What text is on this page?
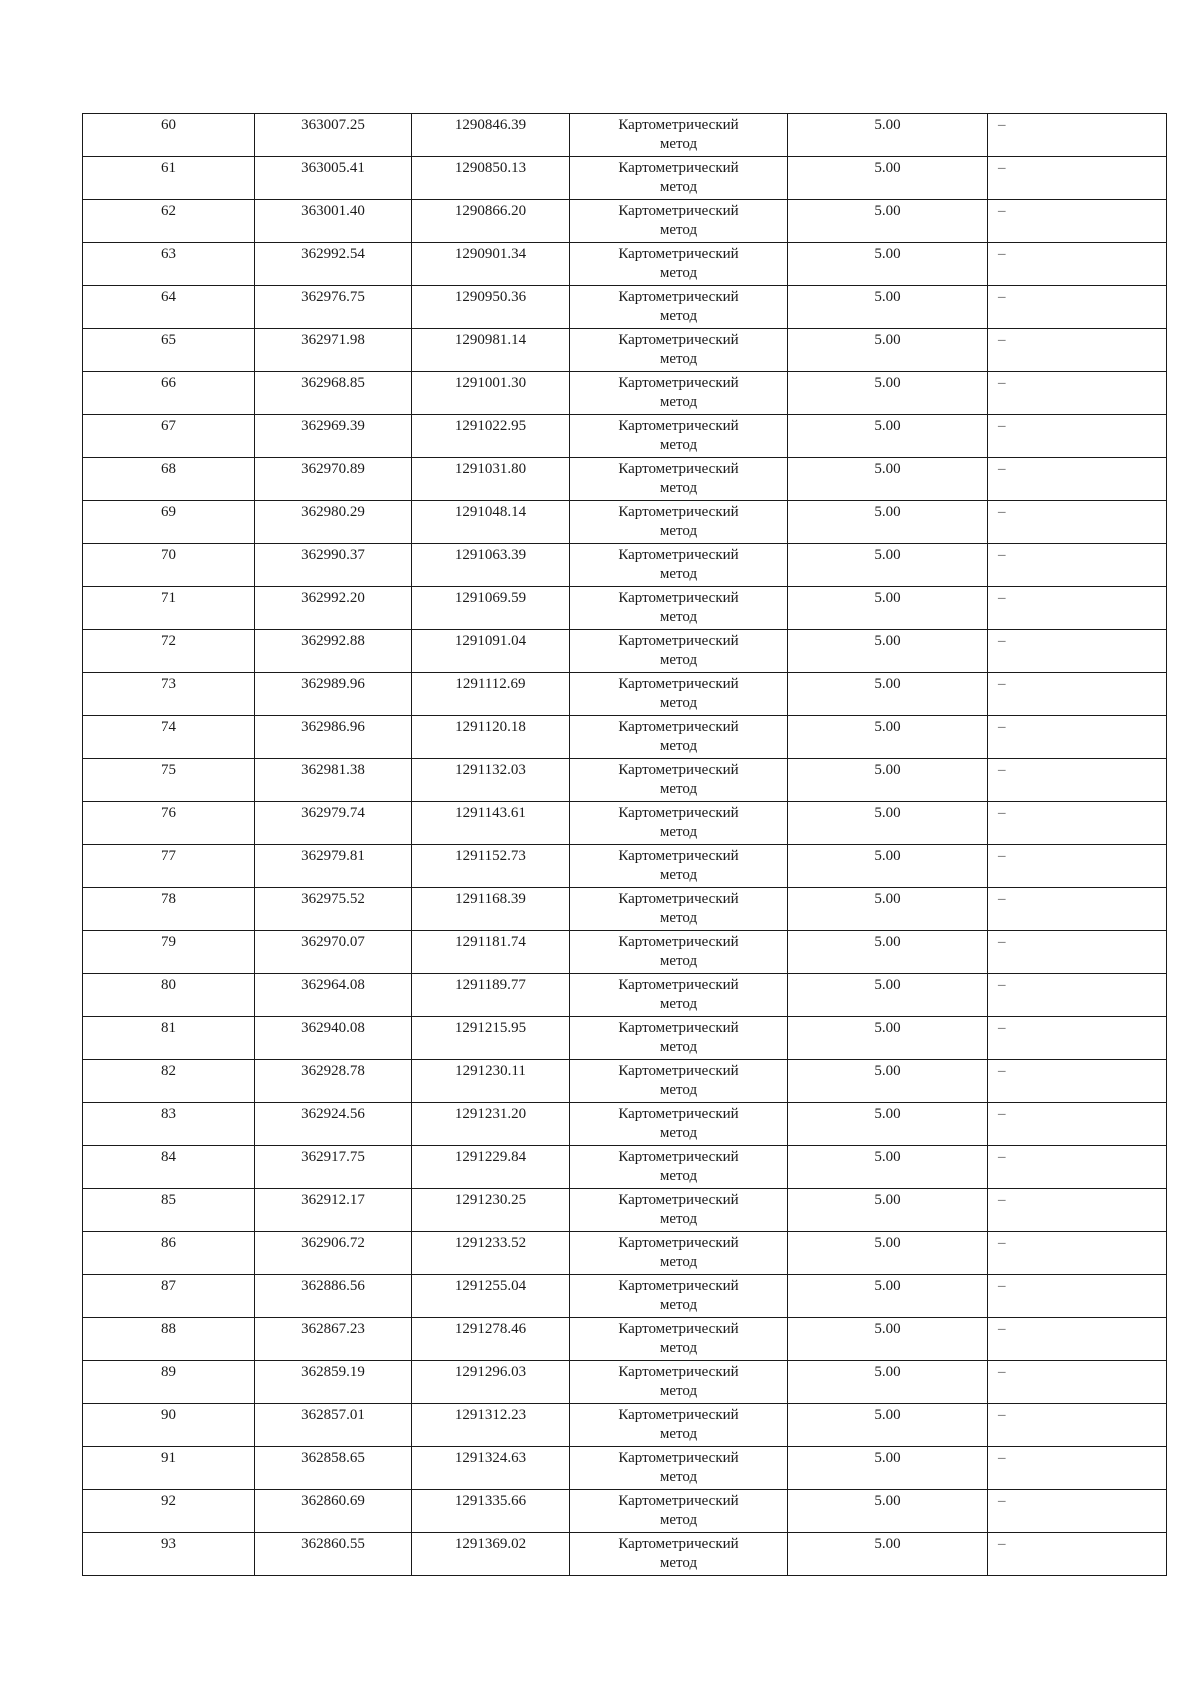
60	363007.25	1290846.39	Картометрический метод	5.00	–
61	363005.41	1290850.13	Картометрический метод	5.00	–
62	363001.40	1290866.20	Картометрический метод	5.00	–
63	362992.54	1290901.34	Картометрический метод	5.00	–
64	362976.75	1290950.36	Картометрический метод	5.00	–
65	362971.98	1290981.14	Картометрический метод	5.00	–
66	362968.85	1291001.30	Картометрический метод	5.00	–
67	362969.39	1291022.95	Картометрический метод	5.00	–
68	362970.89	1291031.80	Картометрический метод	5.00	–
69	362980.29	1291048.14	Картометрический метод	5.00	–
70	362990.37	1291063.39	Картометрический метод	5.00	–
71	362992.20	1291069.59	Картометрический метод	5.00	–
72	362992.88	1291091.04	Картометрический метод	5.00	–
73	362989.96	1291112.69	Картометрический метод	5.00	–
74	362986.96	1291120.18	Картометрический метод	5.00	–
75	362981.38	1291132.03	Картометрический метод	5.00	–
76	362979.74	1291143.61	Картометрический метод	5.00	–
77	362979.81	1291152.73	Картометрический метод	5.00	–
78	362975.52	1291168.39	Картометрический метод	5.00	–
79	362970.07	1291181.74	Картометрический метод	5.00	–
80	362964.08	1291189.77	Картометрический метод	5.00	–
81	362940.08	1291215.95	Картометрический метод	5.00	–
82	362928.78	1291230.11	Картометрический метод	5.00	–
83	362924.56	1291231.20	Картометрический метод	5.00	–
84	362917.75	1291229.84	Картометрический метод	5.00	–
85	362912.17	1291230.25	Картометрический метод	5.00	–
86	362906.72	1291233.52	Картометрический метод	5.00	–
87	362886.56	1291255.04	Картометрический метод	5.00	–
88	362867.23	1291278.46	Картометрический метод	5.00	–
89	362859.19	1291296.03	Картометрический метод	5.00	–
90	362857.01	1291312.23	Картометрический метод	5.00	–
91	362858.65	1291324.63	Картометрический метод	5.00	–
92	362860.69	1291335.66	Картометрический метод	5.00	–
93	362860.55	1291369.02	Картометрический метод	5.00	–
